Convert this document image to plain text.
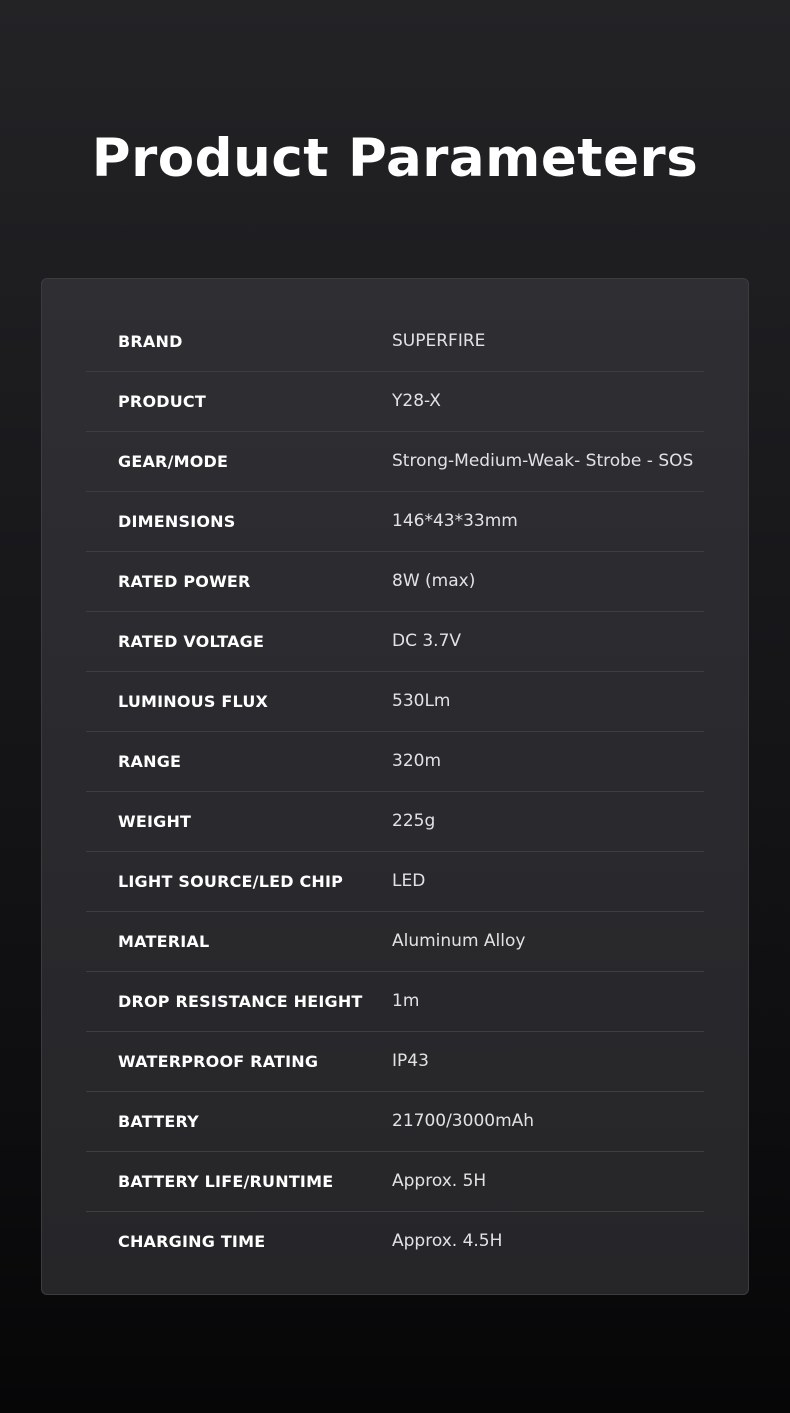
Product Parameters
BRAND	SUPERFIRE
PRODUCT	Y28-X
GEAR/MODE	Strong-Medium-Weak- Strobe - SOS
DIMENSIONS	146*43*33mm
RATED POWER	8W (max)
RATED VOLTAGE	DC 3.7V
LUMINOUS FLUX	530Lm
RANGE	320m
WEIGHT	225g
LIGHT SOURCE/LED CHIP	LED
MATERIAL	Aluminum Alloy
DROP RESISTANCE HEIGHT 1m
WATERPROOF RATING	IP43
BATTERY	21700/3000mAh
BATTERY LIFE/RUNTIME	Approx. 5H
CHARGING TIME	Approx. 4.5H
